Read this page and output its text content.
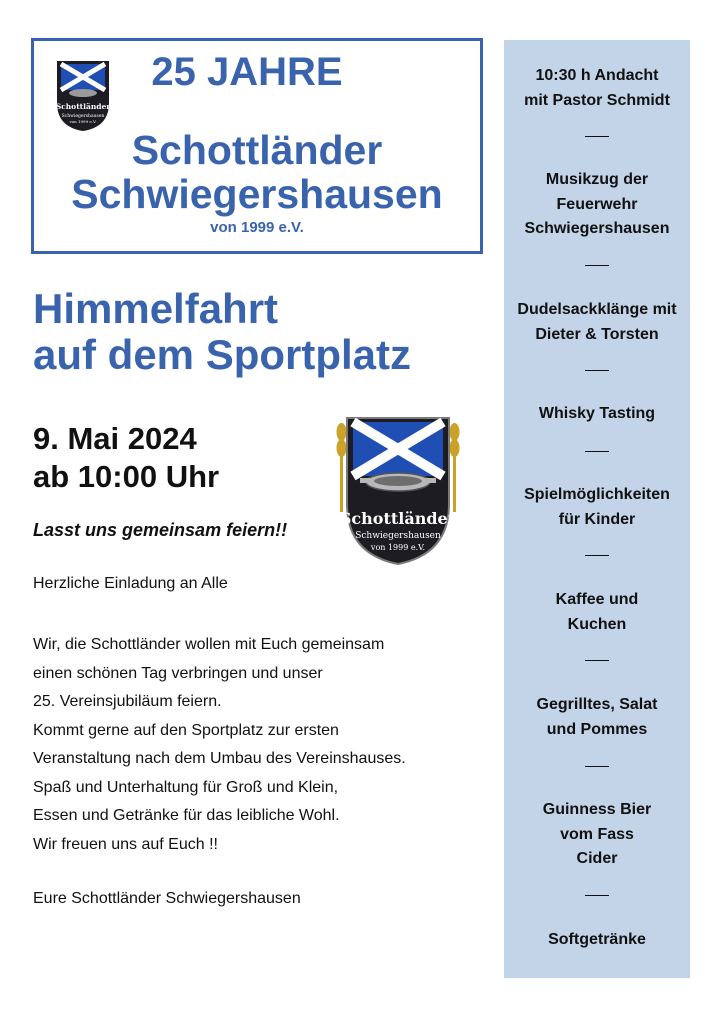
Schottländer
Schwiegershausen
von 1999 e.V.
25 JAHRE
Schottländer
Schwiegershausen
von 1999 e.V.
Himmelfahrt
auf dem Sportplatz
9. Mai 2024
ab 10:00 Uhr
Schottländer
Schwiegershausen
von 1999 e.V.
Lasst uns gemeinsam feiern!!
Herzliche Einladung an Alle
Wir, die Schottländer wollen mit Euch gemeinsam
einen schönen Tag verbringen und unser
25. Vereinsjubiläum feiern.
Kommt gerne auf den Sportplatz zur ersten
Veranstaltung nach dem Umbau des Vereinshauses.
Spaß und Unterhaltung für Groß und Klein,
Essen und Getränke für das leibliche Wohl.
Wir freuen uns auf Euch !!
Eure Schottländer Schwiegershausen
10:30 h Andacht
mit Pastor Schmidt
Musikzug der
Feuerwehr
Schwiegershausen
Dudelsackklänge mit
Dieter & Torsten
Whisky Tasting
Spielmöglichkeiten
für Kinder
Kaffee und
Kuchen
Gegrilltes, Salat
und Pommes
Guinness Bier
vom Fass
Cider
Softgetränke
